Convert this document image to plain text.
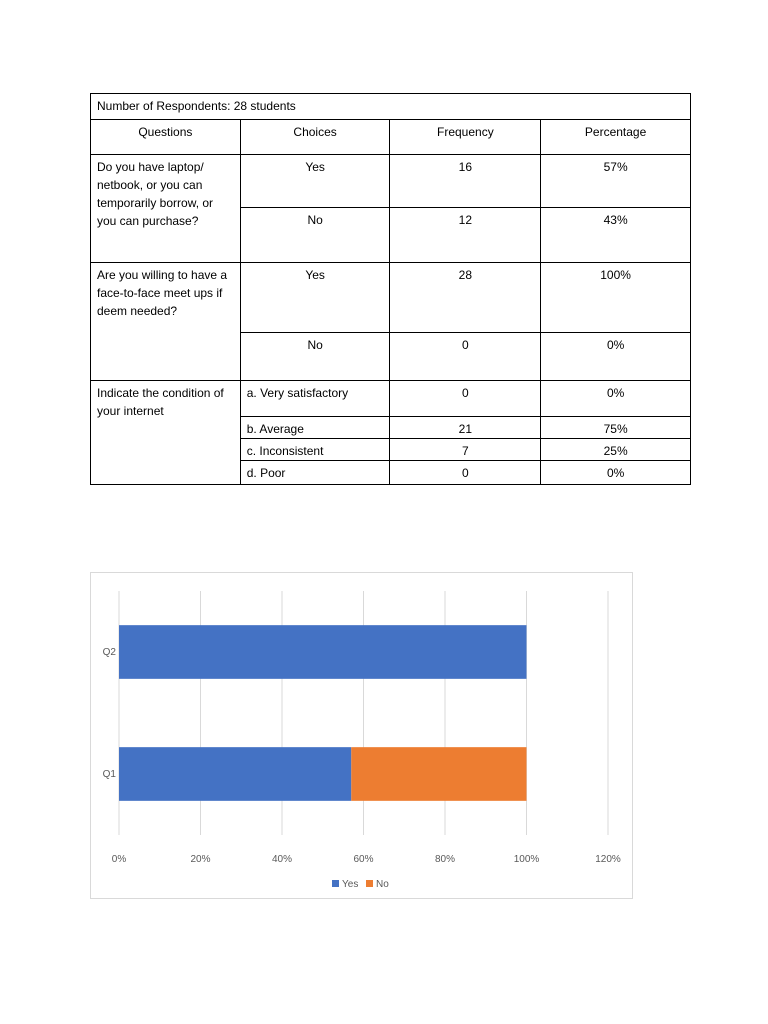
Number of Respondents: 28 students			
Questions	Choices	Frequency	Percentage
Do you have laptop/ netbook, or you can temporarily borrow, or you can purchase?	Yes	16	57%
	No	12	43%
Are you willing to have a face-to-face meet ups if deem needed?	Yes	28	100%
	No	0	0%
Indicate the condition of your internet	a. Very satisfactory	0	0%
	b. Average	21	75%
	c. Inconsistent	7	25%
	d. Poor	0	0%
0%	20%	40%	60%	80%	100%	120%
Q1
Q2
Yes No
